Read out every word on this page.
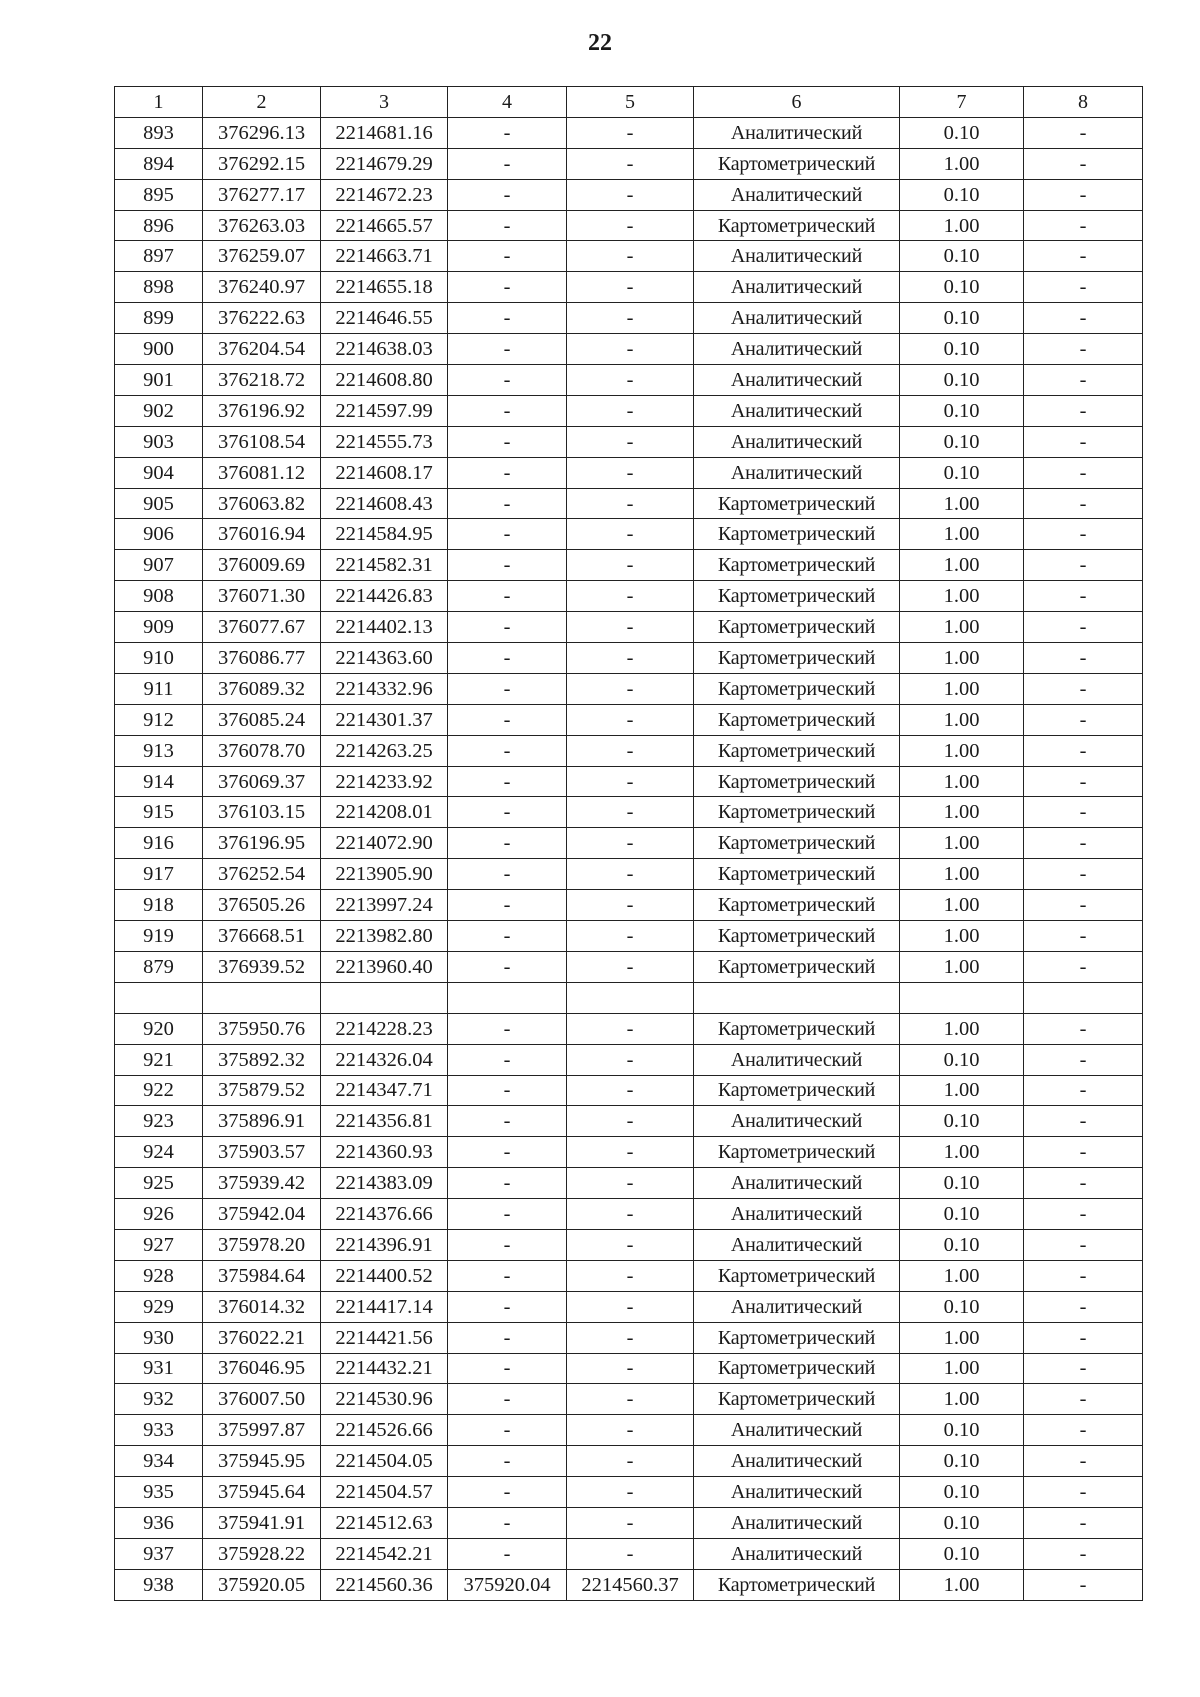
22
1	2	3	4	5	6	7	8
893	376296.13	2214681.16	-	-	Аналитический	0.10	-
894	376292.15	2214679.29	-	-	Картометрический	1.00	-
895	376277.17	2214672.23	-	-	Аналитический	0.10	-
896	376263.03	2214665.57	-	-	Картометрический	1.00	-
897	376259.07	2214663.71	-	-	Аналитический	0.10	-
898	376240.97	2214655.18	-	-	Аналитический	0.10	-
899	376222.63	2214646.55	-	-	Аналитический	0.10	-
900	376204.54	2214638.03	-	-	Аналитический	0.10	-
901	376218.72	2214608.80	-	-	Аналитический	0.10	-
902	376196.92	2214597.99	-	-	Аналитический	0.10	-
903	376108.54	2214555.73	-	-	Аналитический	0.10	-
904	376081.12	2214608.17	-	-	Аналитический	0.10	-
905	376063.82	2214608.43	-	-	Картометрический	1.00	-
906	376016.94	2214584.95	-	-	Картометрический	1.00	-
907	376009.69	2214582.31	-	-	Картометрический	1.00	-
908	376071.30	2214426.83	-	-	Картометрический	1.00	-
909	376077.67	2214402.13	-	-	Картометрический	1.00	-
910	376086.77	2214363.60	-	-	Картометрический	1.00	-
911	376089.32	2214332.96	-	-	Картометрический	1.00	-
912	376085.24	2214301.37	-	-	Картометрический	1.00	-
913	376078.70	2214263.25	-	-	Картометрический	1.00	-
914	376069.37	2214233.92	-	-	Картометрический	1.00	-
915	376103.15	2214208.01	-	-	Картометрический	1.00	-
916	376196.95	2214072.90	-	-	Картометрический	1.00	-
917	376252.54	2213905.90	-	-	Картометрический	1.00	-
918	376505.26	2213997.24	-	-	Картометрический	1.00	-
919	376668.51	2213982.80	-	-	Картометрический	1.00	-
879	376939.52	2213960.40	-	-	Картометрический	1.00	-

920	375950.76	2214228.23	-	-	Картометрический	1.00	-
921	375892.32	2214326.04	-	-	Аналитический	0.10	-
922	375879.52	2214347.71	-	-	Картометрический	1.00	-
923	375896.91	2214356.81	-	-	Аналитический	0.10	-
924	375903.57	2214360.93	-	-	Картометрический	1.00	-
925	375939.42	2214383.09	-	-	Аналитический	0.10	-
926	375942.04	2214376.66	-	-	Аналитический	0.10	-
927	375978.20	2214396.91	-	-	Аналитический	0.10	-
928	375984.64	2214400.52	-	-	Картометрический	1.00	-
929	376014.32	2214417.14	-	-	Аналитический	0.10	-
930	376022.21	2214421.56	-	-	Картометрический	1.00	-
931	376046.95	2214432.21	-	-	Картометрический	1.00	-
932	376007.50	2214530.96	-	-	Картометрический	1.00	-
933	375997.87	2214526.66	-	-	Аналитический	0.10	-
934	375945.95	2214504.05	-	-	Аналитический	0.10	-
935	375945.64	2214504.57	-	-	Аналитический	0.10	-
936	375941.91	2214512.63	-	-	Аналитический	0.10	-
937	375928.22	2214542.21	-	-	Аналитический	0.10	-
938	375920.05	2214560.36	375920.04	2214560.37	Картометрический	1.00	-
